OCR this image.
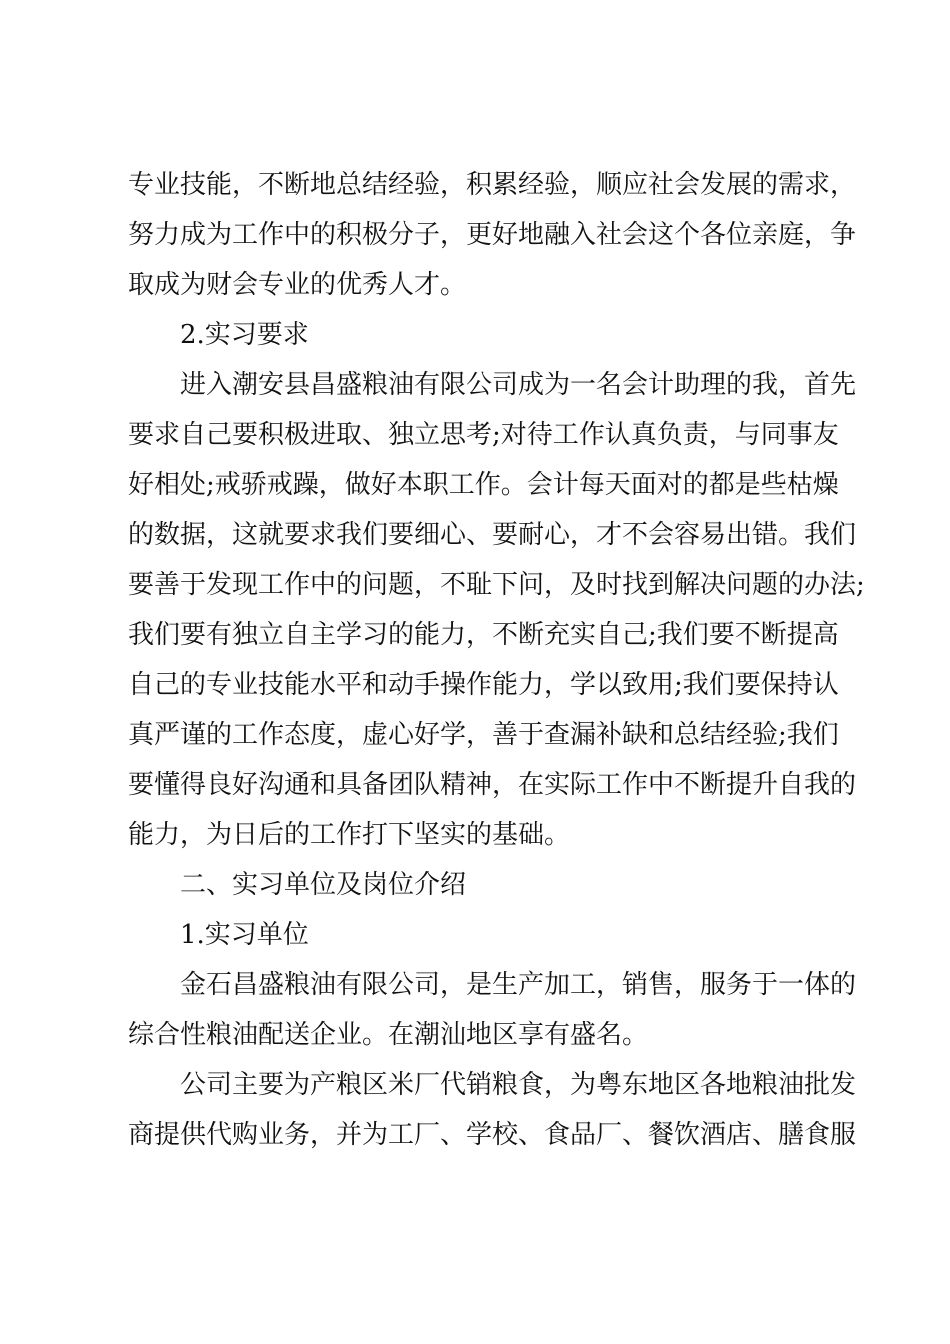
专业技能，不断地总结经验，积累经验，顺应社会发展的需求，
努力成为工作中的积极分子，更好地融入社会这个各位亲庭，争
取成为财会专业的优秀人才。

2.实习要求

进入潮安县昌盛粮油有限公司成为一名会计助理的我，首先
要求自己要积极进取、独立思考;对待工作认真负责，与同事友
好相处;戒骄戒躁，做好本职工作。会计每天面对的都是些枯燥
的数据，这就要求我们要细心、要耐心，才不会容易出错。我们
要善于发现工作中的问题，不耻下问，及时找到解决问题的办法;
我们要有独立自主学习的能力，不断充实自己;我们要不断提高
自己的专业技能水平和动手操作能力，学以致用;我们要保持认
真严谨的工作态度，虚心好学，善于查漏补缺和总结经验;我们
要懂得良好沟通和具备团队精神，在实际工作中不断提升自我的
能力，为日后的工作打下坚实的基础。

二、实习单位及岗位介绍

1.实习单位

金石昌盛粮油有限公司，是生产加工，销售，服务于一体的
综合性粮油配送企业。在潮汕地区享有盛名。

公司主要为产粮区米厂代销粮食，为粤东地区各地粮油批发
商提供代购业务，并为工厂、学校、食品厂、餐饮酒店、膳食服
